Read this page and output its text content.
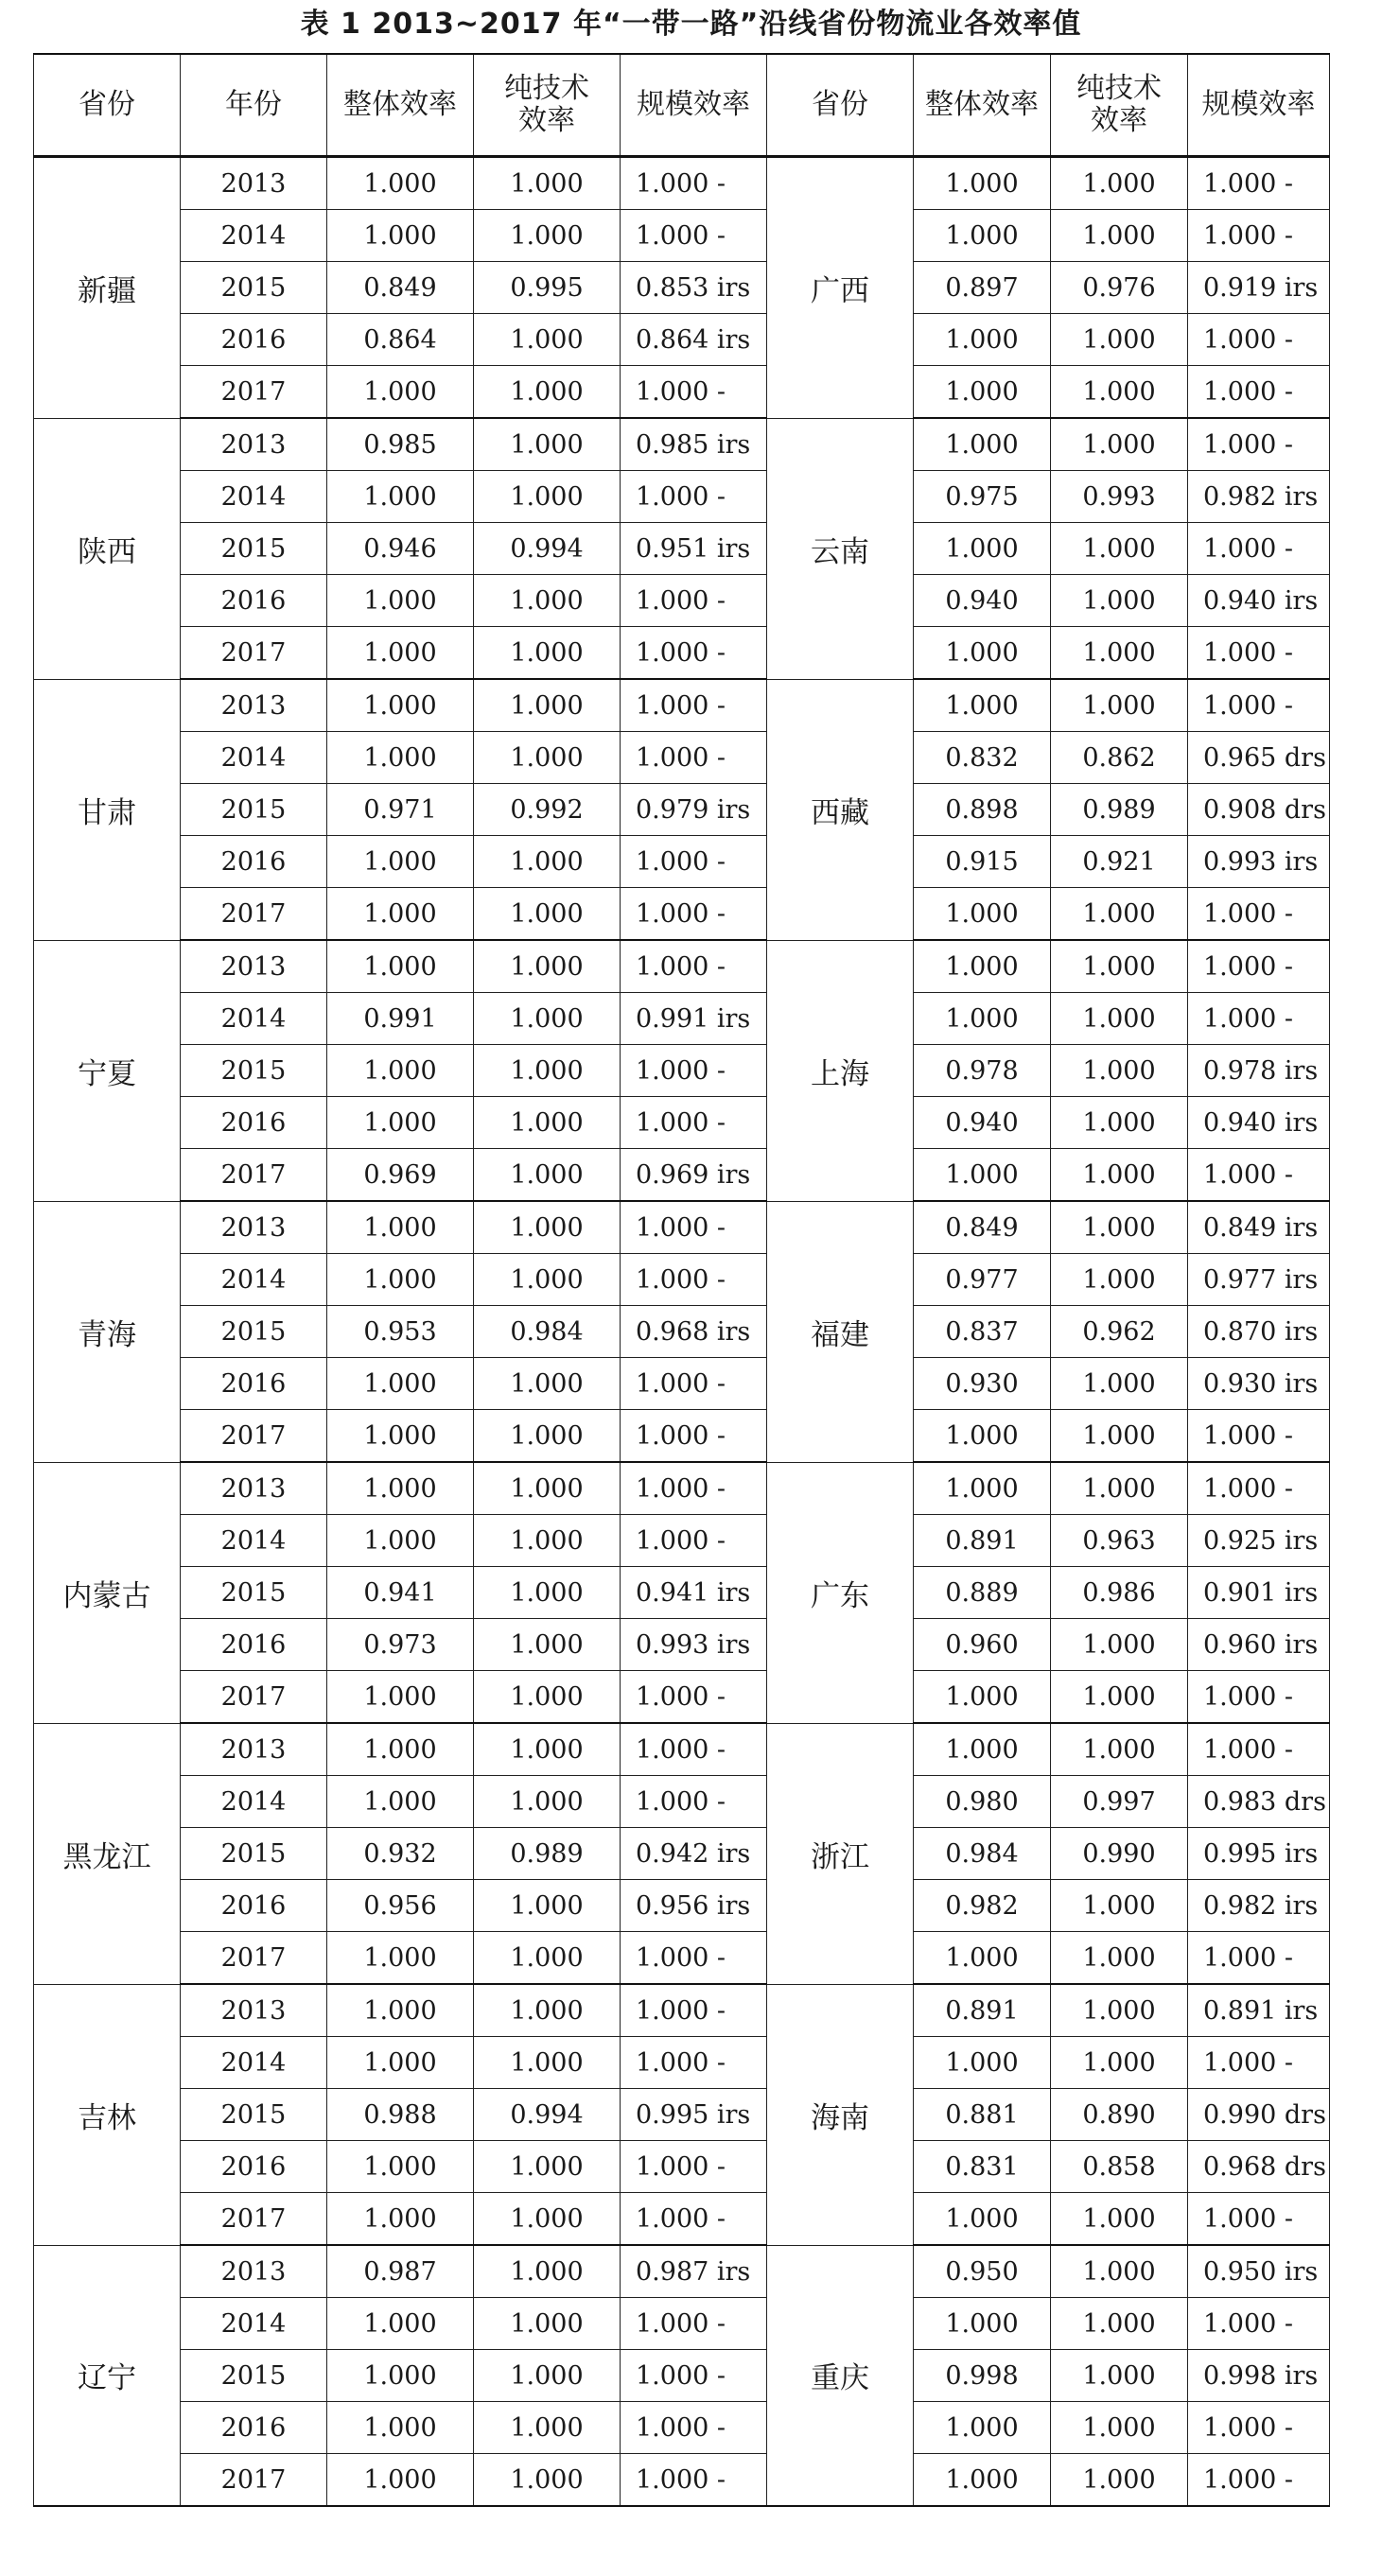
表 1 2013~2017 年“一带一路”沿线省份物流业各效率值
省份	年份	整体效率	纯技术效率	规模效率	省份	整体效率	纯技术效率	规模效率
新疆	2013	1.000	1.000	1.000 -	广西	1.000	1.000	1.000 -
	2014	1.000	1.000	1.000 -		1.000	1.000	1.000 -
	2015	0.849	0.995	0.853 irs		0.897	0.976	0.919 irs
	2016	0.864	1.000	0.864 irs		1.000	1.000	1.000 -
	2017	1.000	1.000	1.000 -		1.000	1.000	1.000 -
陕西	2013	0.985	1.000	0.985 irs	云南	1.000	1.000	1.000 -
	2014	1.000	1.000	1.000 -		0.975	0.993	0.982 irs
	2015	0.946	0.994	0.951 irs		1.000	1.000	1.000 -
	2016	1.000	1.000	1.000 -		0.940	1.000	0.940 irs
	2017	1.000	1.000	1.000 -		1.000	1.000	1.000 -
甘肃	2013	1.000	1.000	1.000 -	西藏	1.000	1.000	1.000 -
	2014	1.000	1.000	1.000 -		0.832	0.862	0.965 drs
	2015	0.971	0.992	0.979 irs		0.898	0.989	0.908 drs
	2016	1.000	1.000	1.000 -		0.915	0.921	0.993 irs
	2017	1.000	1.000	1.000 -		1.000	1.000	1.000 -
宁夏	2013	1.000	1.000	1.000 -	上海	1.000	1.000	1.000 -
	2014	0.991	1.000	0.991 irs		1.000	1.000	1.000 -
	2015	1.000	1.000	1.000 -		0.978	1.000	0.978 irs
	2016	1.000	1.000	1.000 -		0.940	1.000	0.940 irs
	2017	0.969	1.000	0.969 irs		1.000	1.000	1.000 -
青海	2013	1.000	1.000	1.000 -	福建	0.849	1.000	0.849 irs
	2014	1.000	1.000	1.000 -		0.977	1.000	0.977 irs
	2015	0.953	0.984	0.968 irs		0.837	0.962	0.870 irs
	2016	1.000	1.000	1.000 -		0.930	1.000	0.930 irs
	2017	1.000	1.000	1.000 -		1.000	1.000	1.000 -
内蒙古	2013	1.000	1.000	1.000 -	广东	1.000	1.000	1.000 -
	2014	1.000	1.000	1.000 -		0.891	0.963	0.925 irs
	2015	0.941	1.000	0.941 irs		0.889	0.986	0.901 irs
	2016	0.973	1.000	0.993 irs		0.960	1.000	0.960 irs
	2017	1.000	1.000	1.000 -		1.000	1.000	1.000 -
黑龙江	2013	1.000	1.000	1.000 -	浙江	1.000	1.000	1.000 -
	2014	1.000	1.000	1.000 -		0.980	0.997	0.983 drs
	2015	0.932	0.989	0.942 irs		0.984	0.990	0.995 irs
	2016	0.956	1.000	0.956 irs		0.982	1.000	0.982 irs
	2017	1.000	1.000	1.000 -		1.000	1.000	1.000 -
吉林	2013	1.000	1.000	1.000 -	海南	0.891	1.000	0.891 irs
	2014	1.000	1.000	1.000 -		1.000	1.000	1.000 -
	2015	0.988	0.994	0.995 irs		0.881	0.890	0.990 drs
	2016	1.000	1.000	1.000 -		0.831	0.858	0.968 drs
	2017	1.000	1.000	1.000 -		1.000	1.000	1.000 -
辽宁	2013	0.987	1.000	0.987 irs	重庆	0.950	1.000	0.950 irs
	2014	1.000	1.000	1.000 -		1.000	1.000	1.000 -
	2015	1.000	1.000	1.000 -		0.998	1.000	0.998 irs
	2016	1.000	1.000	1.000 -		1.000	1.000	1.000 -
	2017	1.000	1.000	1.000 -		1.000	1.000	1.000 -
